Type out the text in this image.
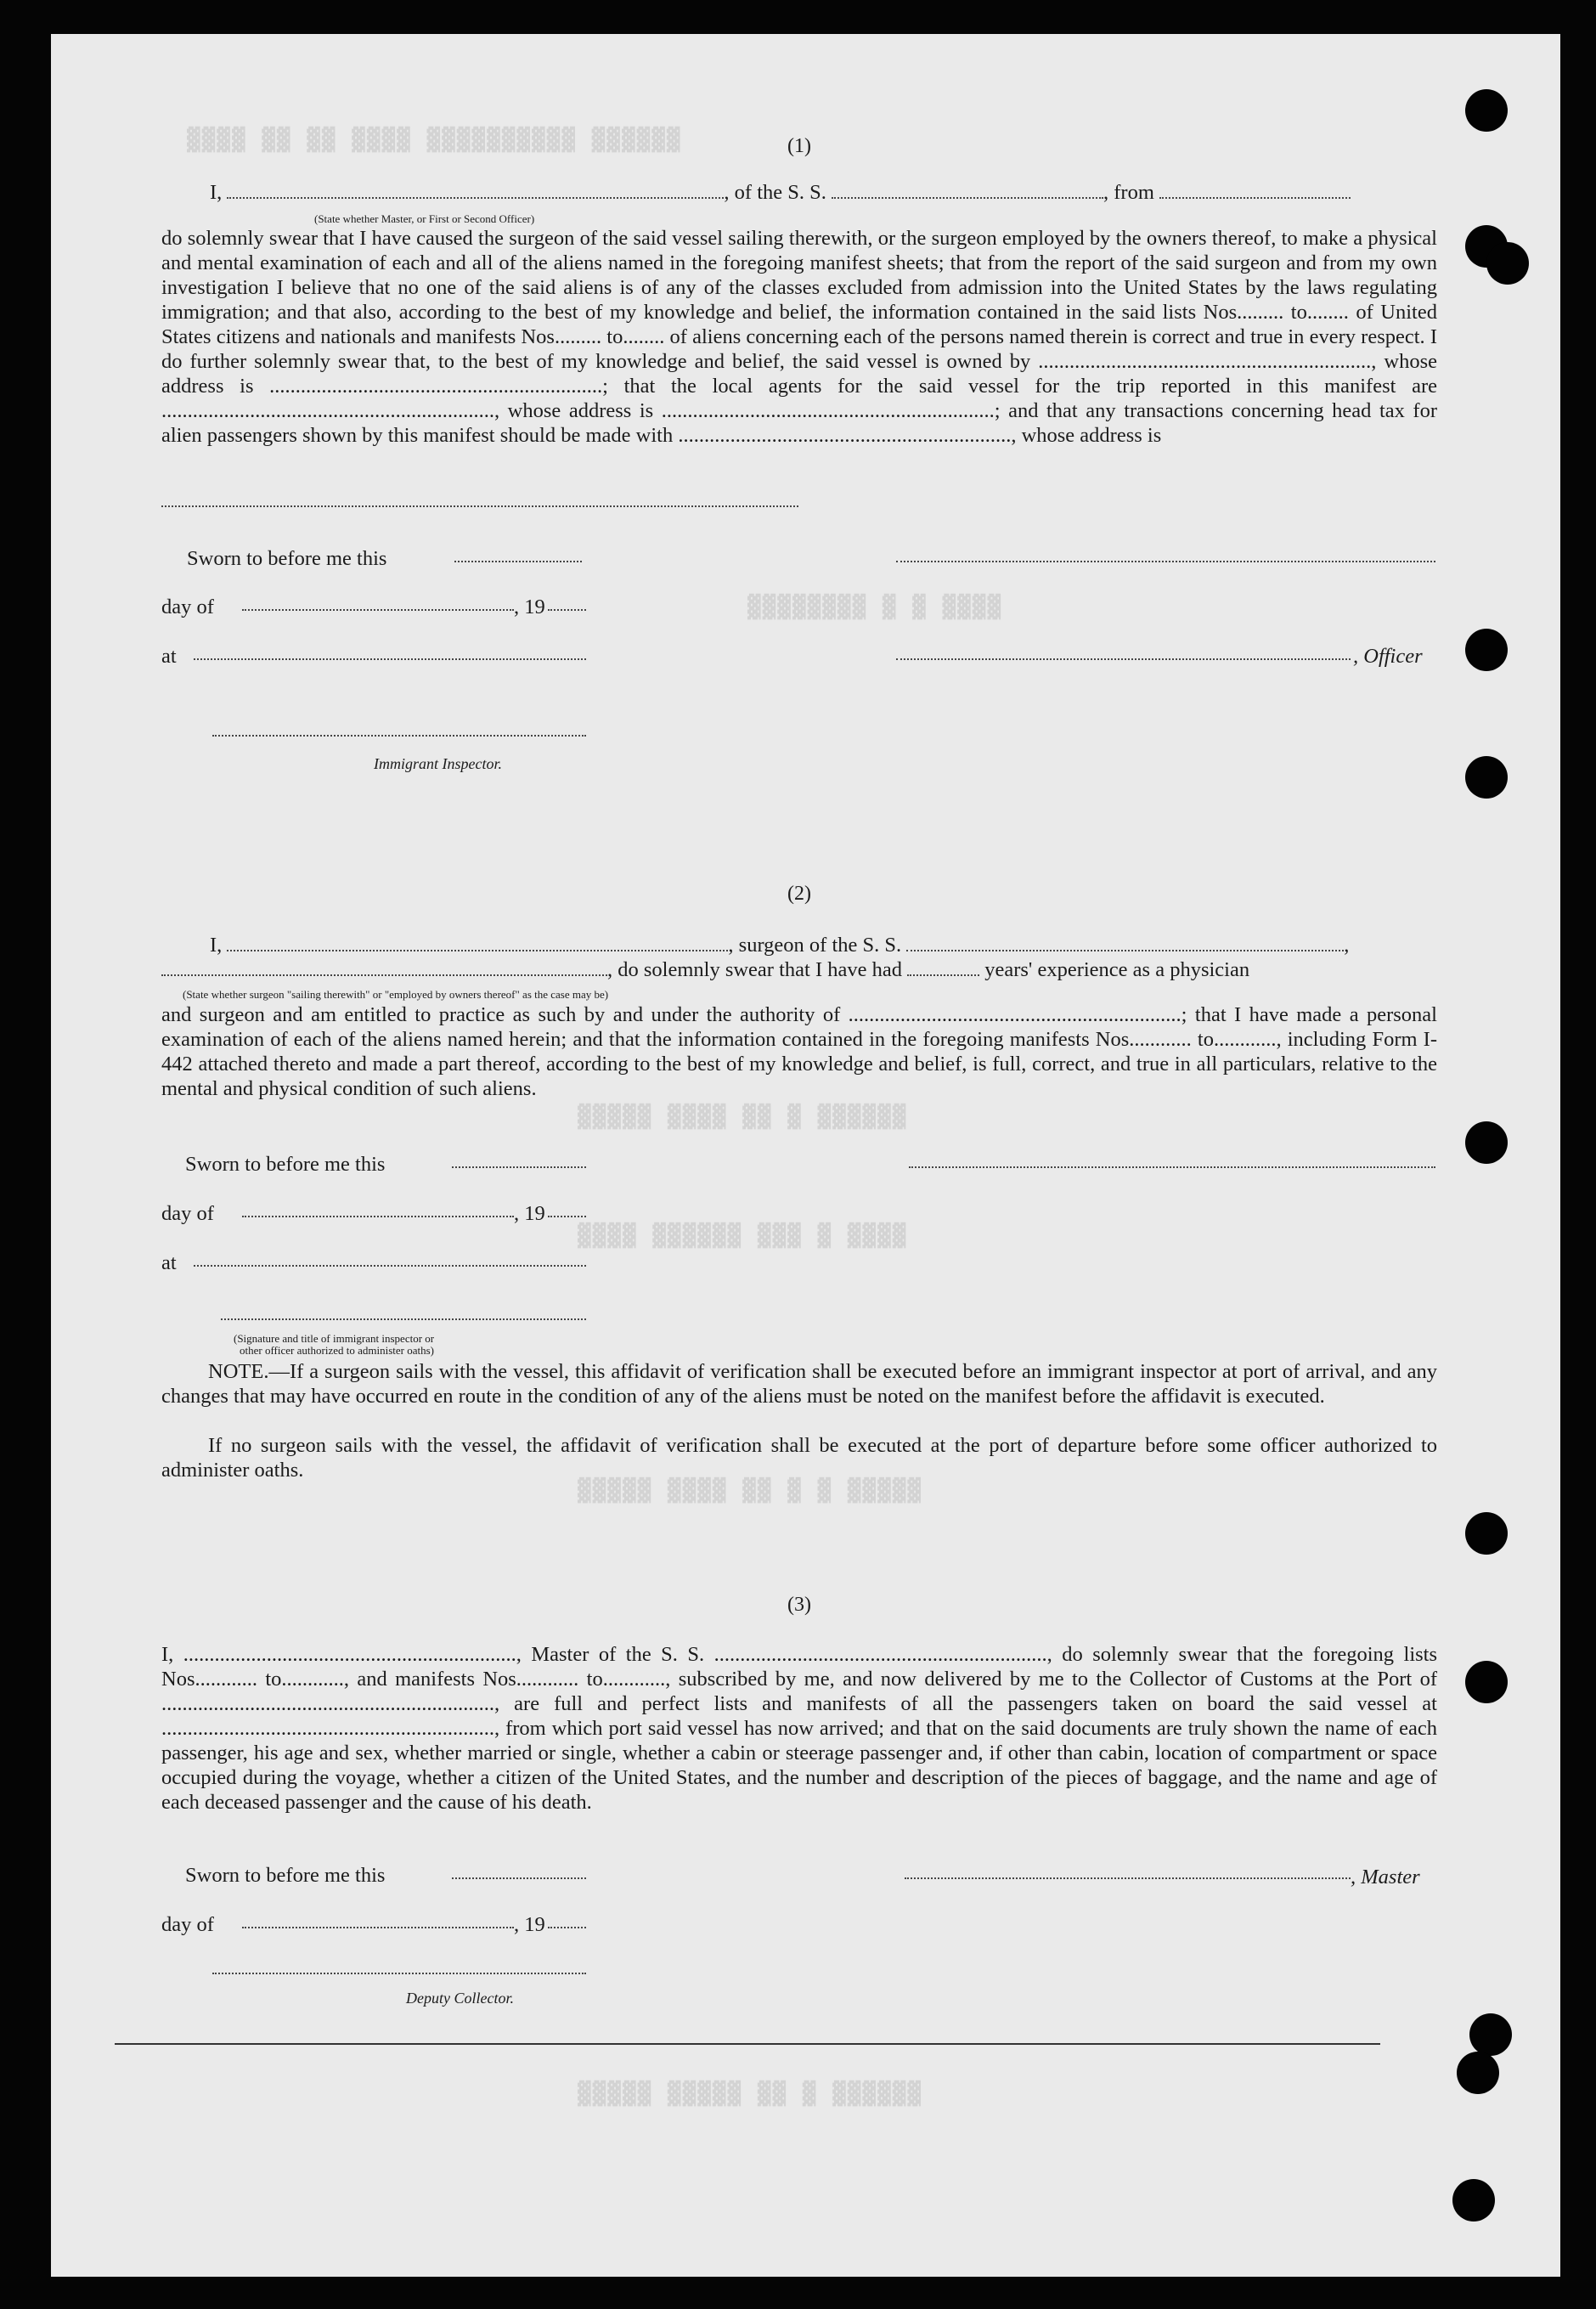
▓▓▓▓ ▓▓ ▓▓ ▓▓▓▓ ▓▓▓▓▓▓▓▓▓▓ ▓▓▓▓▓▓
▓▓▓▓▓▓▓▓ ▓ ▓ ▓▓▓▓
▓▓▓▓▓ ▓▓▓▓ ▓▓ ▓ ▓▓▓▓▓▓
▓▓▓▓ ▓▓▓▓▓▓ ▓▓▓ ▓ ▓▓▓▓
▓▓▓▓▓ ▓▓▓▓ ▓▓ ▓ ▓ ▓▓▓▓▓
▓▓▓▓▓ ▓▓▓▓▓ ▓▓ ▓ ▓▓▓▓▓▓
(1)
I,	, of the S. S.	, from
(State whether Master, or First or Second Officer)
do solemnly swear that I have caused the surgeon of the said vessel sailing therewith, or the surgeon employed by the owners thereof, to make a physical and mental examination of each and all of the aliens named in the foregoing manifest sheets; that from the report of the said surgeon and from my own investigation I believe that no one of the said aliens is of any of the classes excluded from admission into the United States by the laws regulating immigration; and that also, according to the best of my knowledge and belief, the information contained in the said lists Nos......... to........ of United States citizens and nationals and manifests Nos......... to........ of aliens concerning each of the persons named therein is correct and true in every respect. I do further solemnly swear that, to the best of my knowledge and belief, the said vessel is owned by ................................................................, whose address is ................................................................; that the local agents for the said vessel for the trip reported in this manifest are ................................................................, whose address is ................................................................; and that any transactions concerning head tax for alien passengers shown by this manifest should be made with ................................................................, whose address is
Sworn to before me this
day of	, 19
at	, Officer
Immigrant Inspector.
(2)
I,	, surgeon of the S. S.	,
, do solemnly swear that I have had	years' experience as a physician
(State whether surgeon "sailing therewith" or "employed by owners thereof" as the case may be)
and surgeon and am entitled to practice as such by and under the authority of ................................................................; that I have made a personal examination of each of the aliens named herein; and that the information contained in the foregoing manifests Nos............ to............, including Form I-442 attached thereto and made a part thereof, according to the best of my knowledge and belief, is full, correct, and true in all particulars, relative to the mental and physical condition of such aliens.
Sworn to before me this
day of	, 19
at
(Signature and title of immigrant inspector or
other officer authorized to administer oaths)
NOTE.—If a surgeon sails with the vessel, this affidavit of verification shall be executed before an immigrant inspector at port of arrival, and any changes that may have occurred en route in the condition of any of the aliens must be noted on the manifest before the affidavit is executed.
If no surgeon sails with the vessel, the affidavit of verification shall be executed at the port of departure before some officer authorized to administer oaths.
(3)
I, ................................................................, Master of the S. S. ................................................................, do solemnly swear that the foregoing lists Nos............ to............, and manifests Nos............ to............, subscribed by me, and now delivered by me to the Collector of Customs at the Port of ................................................................, are full and perfect lists and manifests of all the passengers taken on board the said vessel at ................................................................, from which port said vessel has now arrived; and that on the said documents are truly shown the name of each passenger, his age and sex, whether married or single, whether a cabin or steerage passenger and, if other than cabin, location of compartment or space occupied during the voyage, whether a citizen of the United States, and the number and description of the pieces of baggage, and the name and age of each deceased passenger and the cause of his death.
Sworn to before me this	, Master
day of	, 19
Deputy Collector.
